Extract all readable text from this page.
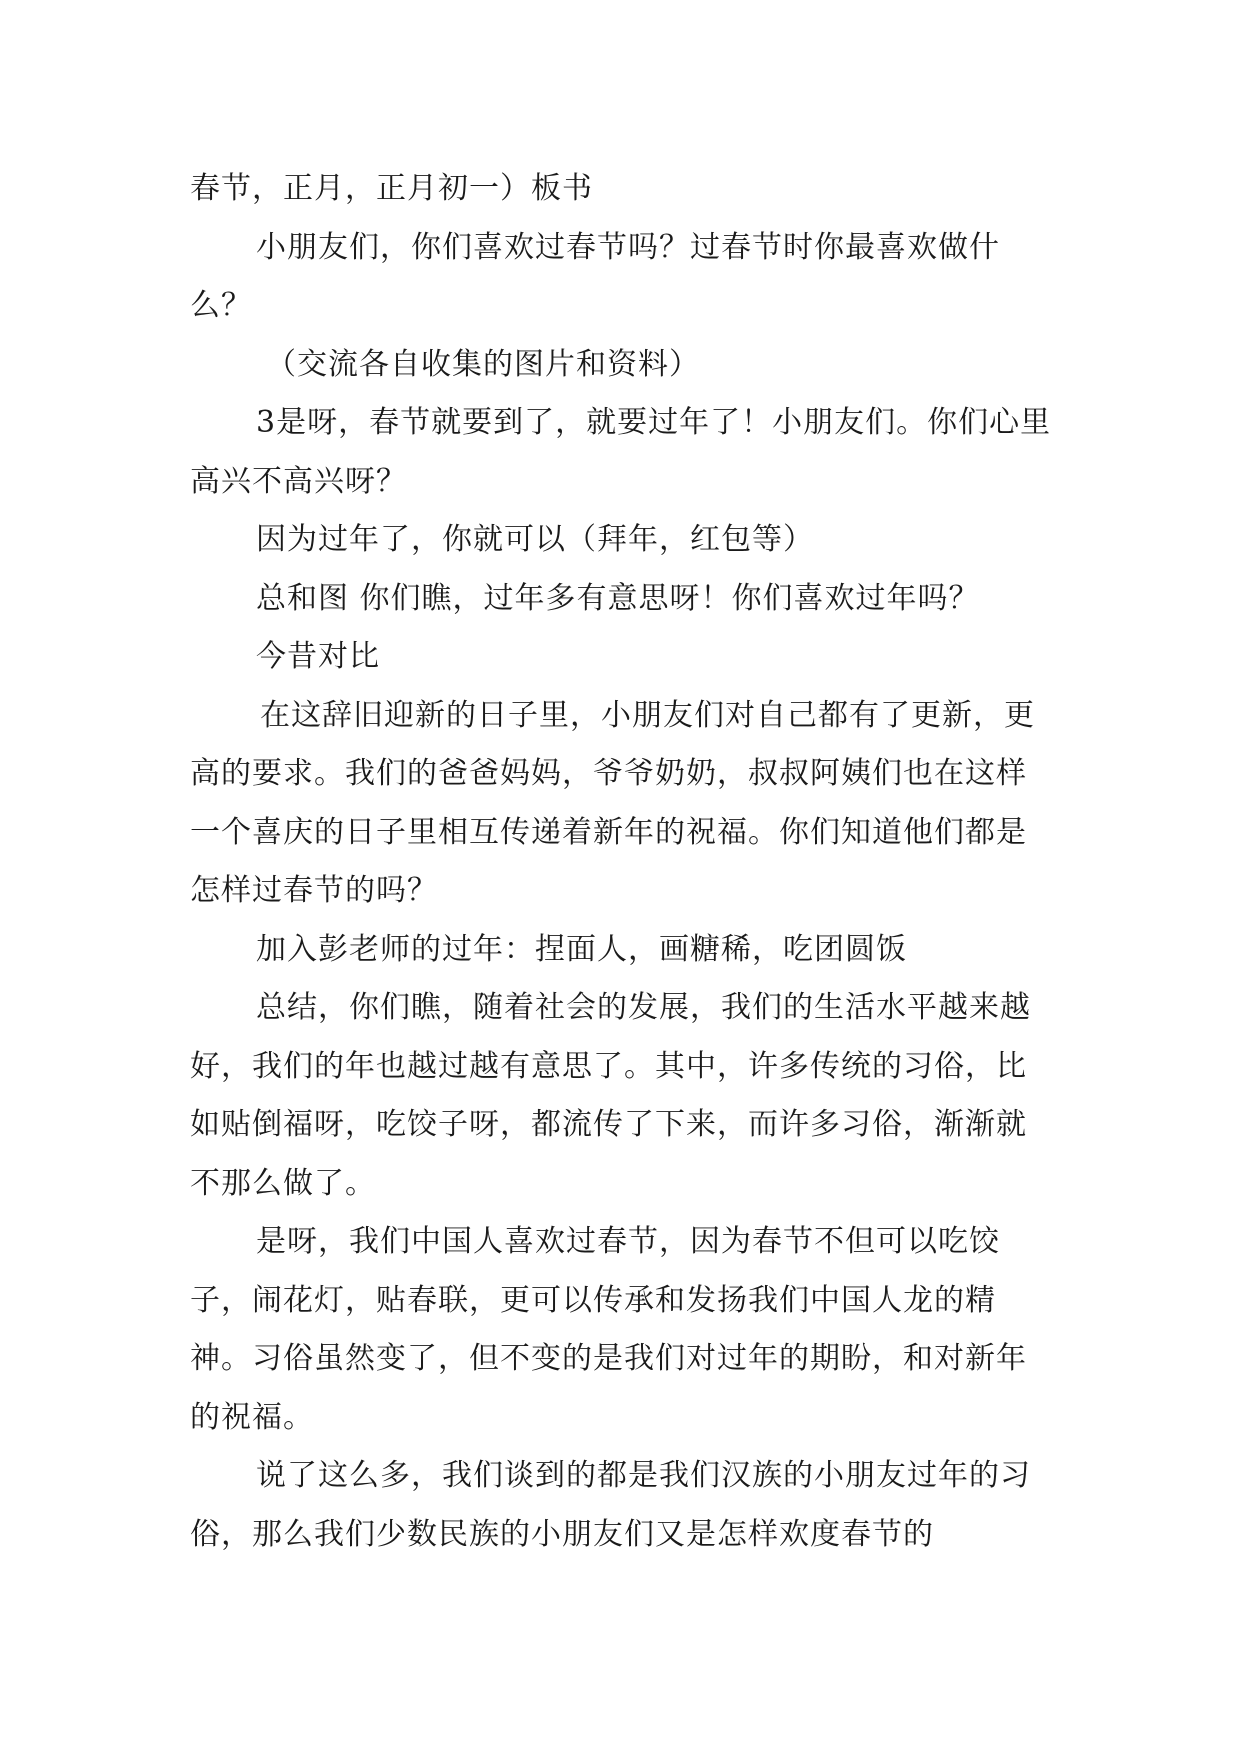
春节，正月，正月初一）板书

小朋友们，你们喜欢过春节吗？过春节时你最喜欢做什么？

（交流各自收集的图片和资料）

3是呀，春节就要到了，就要过年了！小朋友们。你们心里高兴不高兴呀？

因为过年了，你就可以（拜年，红包等）

总和图 你们瞧，过年多有意思呀！你们喜欢过年吗？

今昔对比

在这辞旧迎新的日子里，小朋友们对自己都有了更新，更高的要求。我们的爸爸妈妈，爷爷奶奶，叔叔阿姨们也在这样一个喜庆的日子里相互传递着新年的祝福。你们知道他们都是怎样过春节的吗？

加入彭老师的过年：捏面人，画糖稀，吃团圆饭

总结，你们瞧，随着社会的发展，我们的生活水平越来越好，我们的年也越过越有意思了。其中，许多传统的习俗，比如贴倒福呀，吃饺子呀，都流传了下来，而许多习俗，渐渐就不那么做了。

是呀，我们中国人喜欢过春节，因为春节不但可以吃饺子，闹花灯，贴春联，更可以传承和发扬我们中国人龙的精神。习俗虽然变了，但不变的是我们对过年的期盼，和对新年的祝福。

说了这么多，我们谈到的都是我们汉族的小朋友过年的习俗，那么我们少数民族的小朋友们又是怎样欢度春节的
